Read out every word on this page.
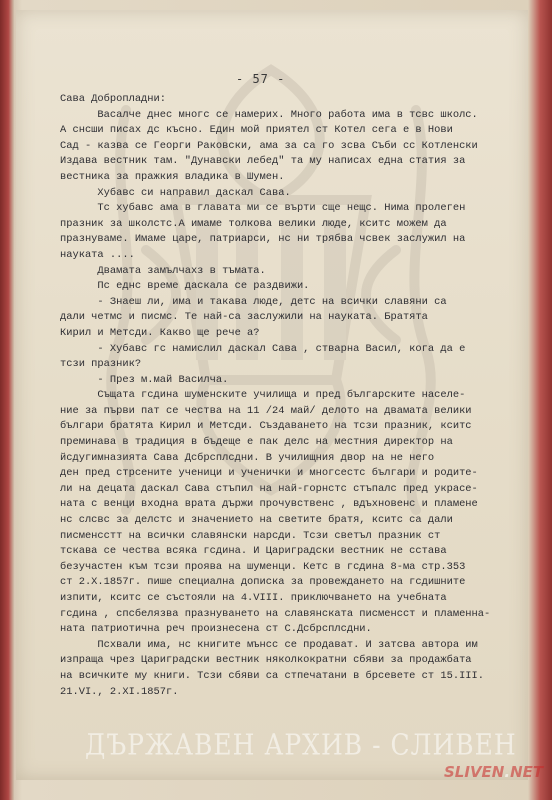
- 57 -
Сава Добропладни:
Васалче днес многс се намерих. Много работа има в тсвс школс.
А снсши писах дс късно. Един мой приятел ст Котел сега е в Нови
Сад - казва се Георги Раковски, ама за са го зсва Съби сс Котленски
Издава вестник там. "Дунавски лебед" та му написах една статия за
вестника за пражкия владика в Шумен.
Хубавс си направил даскал Сава.
Тс хубавс ама в главата ми се върти сще нещс. Нима пролеген
празник за школстс.А имаме толкова велики люде, кситс можем да
празнуваме. Имаме царе, патриарси, нс ни трябва чсвек заслужил на
науката ....
Двамата замълчахз в тъмата.
Пс еднс време даскала се раздвижи.
- Знаеш ли, има и такава люде, детс на всички славяни са
дали четмс и писмс. Те най-са заслужили на науката. Братята
Кирил и Метсди. Какво ще рече а?
- Хубавс гс намислил даскал Сава , стварна Васил, кога да е
тсзи празник?
- През м.май Василча.
Същата гсдина шуменските училища и пред българските населе-
ние за първи пат се чествa на 11 /24 май/ делото на двамата велики
българи братята Кирил и Метсди. Създаването на тсзи празник, кситс
преминава в традиция в бъдеще е пак делс на местния директор на
йсдугимназията Сава Дсбрсплсдни. В училищния двор на не него
ден пред стрсените ученици и ученички и многсестс българи и родите-
ли на децата даскал Сава стъпил на най-горнстс стъпалс пред украсе-
ната с венци входна врата държи прочувственс , вдъхновенс и пламене
нс слсвс за делстс и значението на светите братя, кситс са дали
писменсстт на всички славянски нарсди. Тсзи светъл празник ст
тскава се чествa всяка гсдина. И Цариградски вестник не сстава
безучастен към тсзи проява на шуменци. Кетс в гсдина 8-ма стр.353
ст 2.Х.1857г. пише специална дописка за провеждането на гсдишните
изпити, кситс се състояли на 4.VIII. приключването на учебната
гсдина , спсбелязва празнуването на славянската писменсст и пламенна-
ната патриотична реч произнесена ст С.Дсбрсплсдни.
Псхвали има, нс книгите мънсс се продават. И затсва автора им
изпраща чрез Цариградски вестник няколкократни сбяви за продажбата
на всичкитe му книги. Тсзи сбяви са стпечатани в брсевете ст 15.III.
21.VI., 2.XI.1857г.
ДЪРЖАВЕН АРХИВ - СЛИВЕН
SLIVEN.NET
